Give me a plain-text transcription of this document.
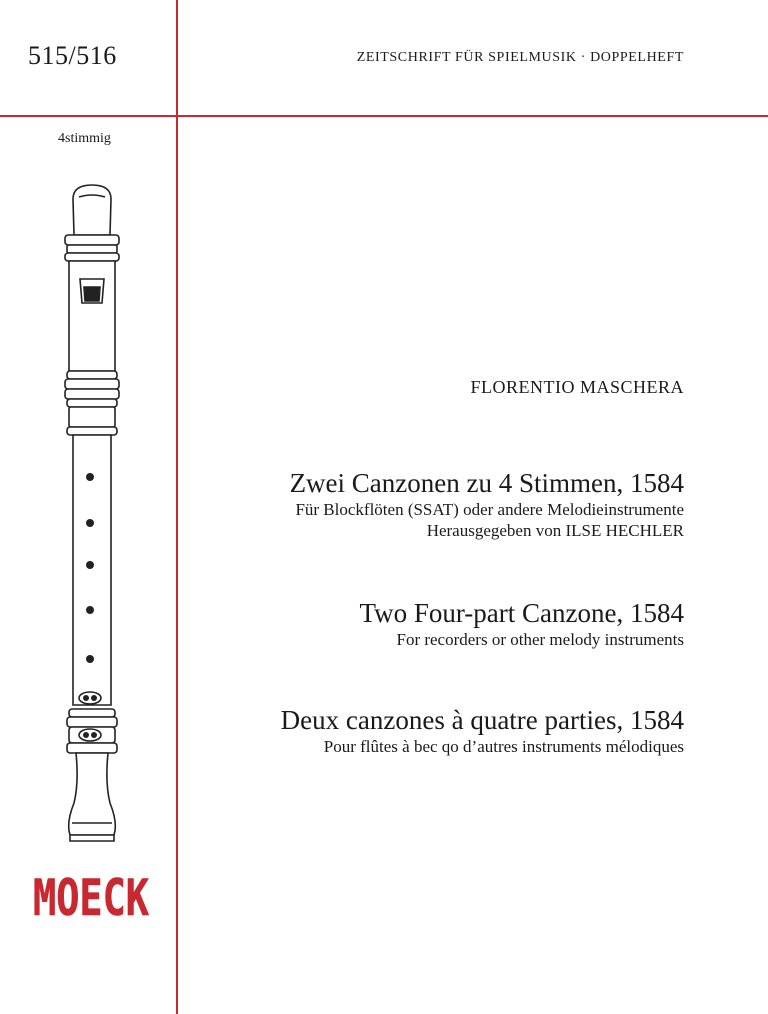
515/516	ZEITSCHRIFT FÜR SPIELMUSIK · DOPPELHEFT
4stimmig
MOECK
FLORENTIO MASCHERA
Zwei Canzonen zu 4 Stimmen, 1584
Für Blockflöten (SSAT) oder andere Melodieinstrumente
Herausgegeben von ILSE HECHLER
Two Four-part Canzone, 1584
For recorders or other melody instruments
Deux canzones à quatre parties, 1584
Pour flûtes à bec qo d’autres instruments mélodiques
